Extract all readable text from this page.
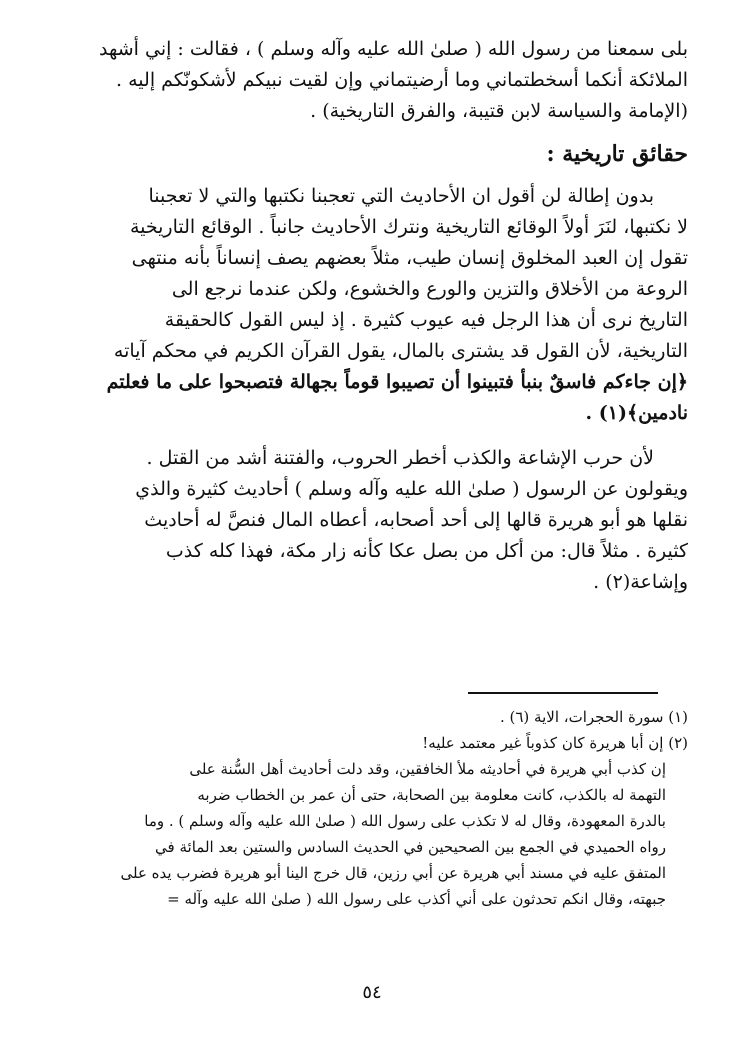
بلى سمعنا من رسول الله ( صلىٰ الله عليه وآله وسلم ) ، فقالت : إني أشهد
الملائكة أنكما أسخطتماني وما أرضيتماني وإن لقيت نبيكم لأشكونّكم إليه .
(الإمامة والسياسة لابن قتيبة، والفرق التاريخية) .
حقائق تاريخية :
بدون إطالة لن أقول ان الأحاديث التي تعجبنا نكتبها والتي لا تعجبنا
لا نكتبها، لنَرَ أولاً الوقائع التاريخية ونترك الأحاديث جانباً . الوقائع التاريخية
تقول إن العبد المخلوق إنسان طيب، مثلاً بعضهم يصف إنساناً بأنه منتهى
الروعة من الأخلاق والتزين والورع والخشوع، ولكن عندما نرجع الى
التاريخ نرى أن هذا الرجل فيه عيوب كثيرة . إذ ليس القول كالحقيقة
التاريخية، لأن القول قد يشترى بالمال، يقول القرآن الكريم في محكم آياته
﴿إن جاءكم فاسقٌ بنبأ فتبينوا أن تصيبوا قوماً بجهالة فتصبحوا على ما فعلتم
نادمين﴾(١) .
لأن حرب الإشاعة والكذب أخطر الحروب، والفتنة أشد من القتل .
ويقولون عن الرسول ( صلىٰ الله عليه وآله وسلم ) أحاديث كثيرة والذي
نقلها هو أبو هريرة قالها إلى أحد أصحابه، أعطاه المال فنصَّ له أحاديث
كثيرة . مثلاً قال: من أكل من بصل عكا كأنه زار مكة، فهذا كله كذب
وإشاعة(٢) .
(١) سورة الحجرات، الاية (٦) .
(٢) إن أبا هريرة كان كذوباً غير معتمد عليه!
إن كذب أبي هريرة في أحاديثه ملأ الخافقين، وقد دلت أحاديث أهل السُّنة على
التهمة له بالكذب، كانت معلومة بين الصحابة، حتى أن عمر بن الخطاب ضربه
بالدرة المعهودة، وقال له لا تكذب على رسول الله ( صلىٰ الله عليه وآله وسلم ) . وما
رواه الحميدي في الجمع بين الصحيحين في الحديث السادس والستين بعد المائة في
المتفق عليه في مسند أبي هريرة عن أبي رزين، قال خرج الينا أبو هريرة فضرب يده على
جبهته، وقال انكم تحدثون على أني أكذب على رسول الله ( صلىٰ الله عليه وآله =
٥٤
